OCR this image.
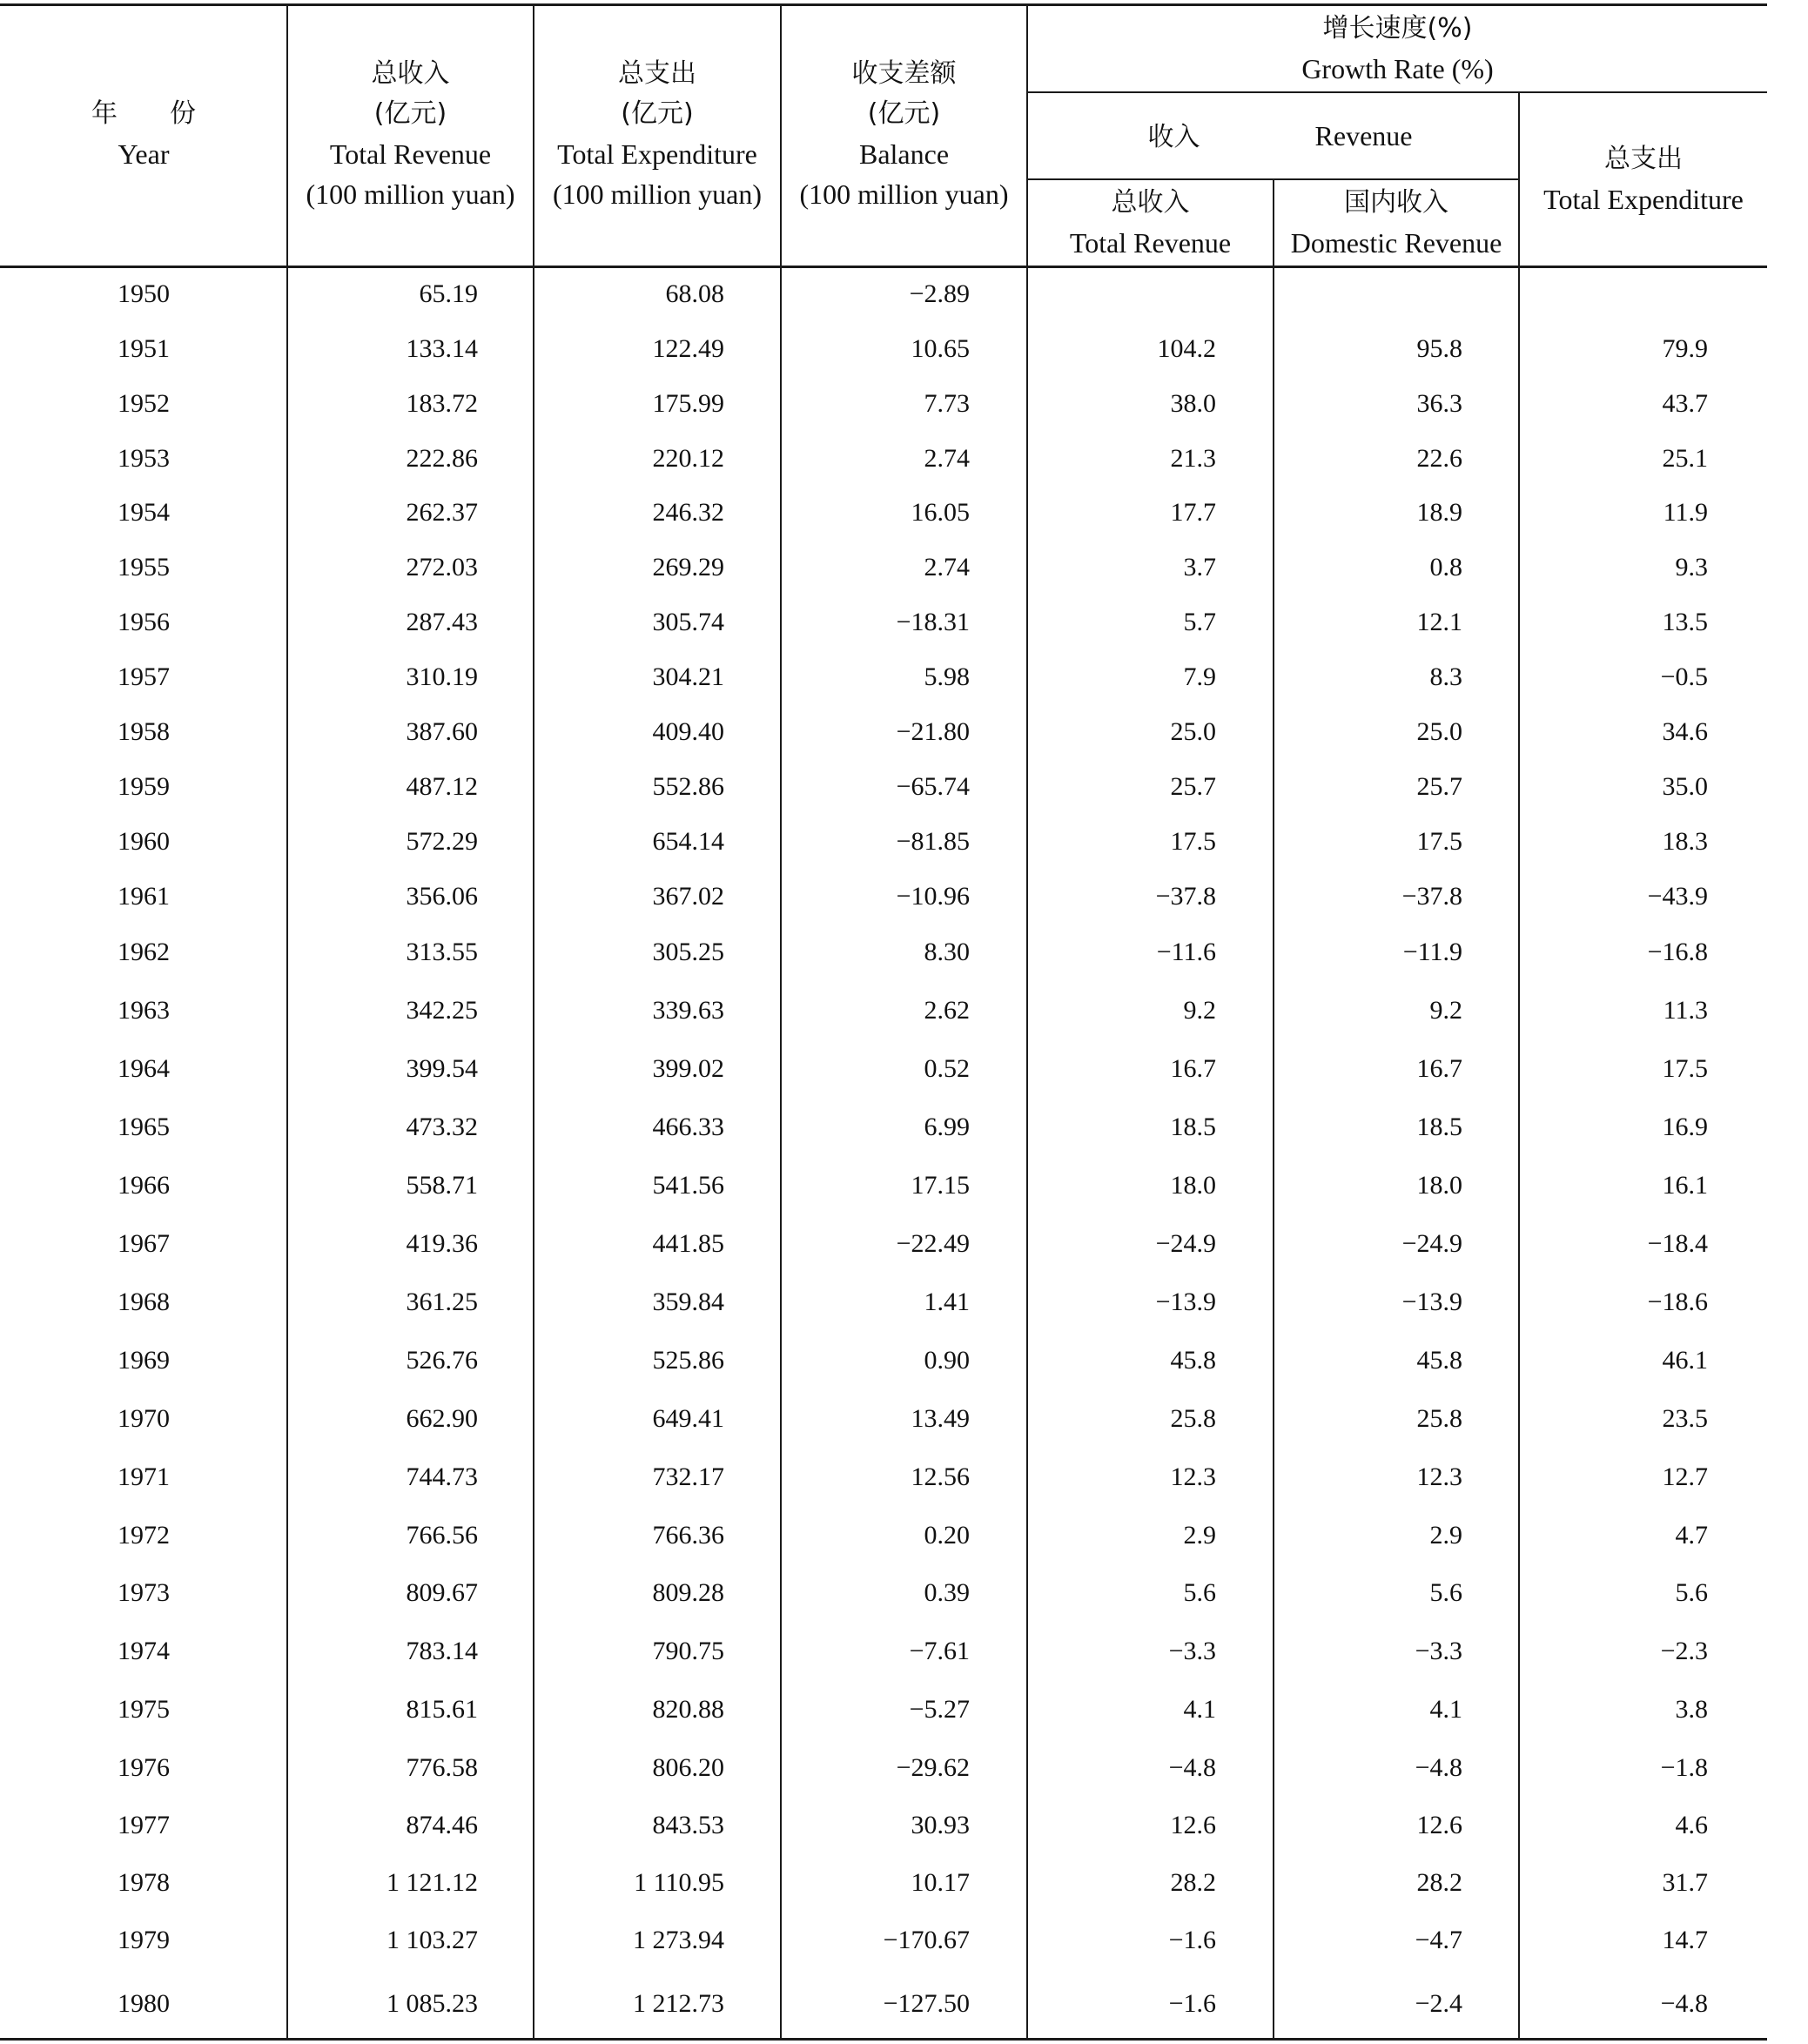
年　　份
Year
总收入
(亿元)
Total Revenue
(100 million yuan)
总支出
(亿元)
Total Expenditure
(100 million yuan)
收支差额
(亿元)
Balance
(100 million yuan)
增长速度(%)
Growth Rate (%)
收入	Revenue
总收入
Total Revenue
国内收入
Domestic Revenue
总支出
Total Expenditure
1950	65.19	68.08	−2.89
1951	133.14	122.49	10.65	104.2	95.8	79.9
1952	183.72	175.99	7.73	38.0	36.3	43.7
1953	222.86	220.12	2.74	21.3	22.6	25.1
1954	262.37	246.32	16.05	17.7	18.9	11.9
1955	272.03	269.29	2.74	3.7	0.8	9.3
1956	287.43	305.74	−18.31	5.7	12.1	13.5
1957	310.19	304.21	5.98	7.9	8.3	−0.5
1958	387.60	409.40	−21.80	25.0	25.0	34.6
1959	487.12	552.86	−65.74	25.7	25.7	35.0
1960	572.29	654.14	−81.85	17.5	17.5	18.3
1961	356.06	367.02	−10.96	−37.8	−37.8	−43.9
1962	313.55	305.25	8.30	−11.6	−11.9	−16.8
1963	342.25	339.63	2.62	9.2	9.2	11.3
1964	399.54	399.02	0.52	16.7	16.7	17.5
1965	473.32	466.33	6.99	18.5	18.5	16.9
1966	558.71	541.56	17.15	18.0	18.0	16.1
1967	419.36	441.85	−22.49	−24.9	−24.9	−18.4
1968	361.25	359.84	1.41	−13.9	−13.9	−18.6
1969	526.76	525.86	0.90	45.8	45.8	46.1
1970	662.90	649.41	13.49	25.8	25.8	23.5
1971	744.73	732.17	12.56	12.3	12.3	12.7
1972	766.56	766.36	0.20	2.9	2.9	4.7
1973	809.67	809.28	0.39	5.6	5.6	5.6
1974	783.14	790.75	−7.61	−3.3	−3.3	−2.3
1975	815.61	820.88	−5.27	4.1	4.1	3.8
1976	776.58	806.20	−29.62	−4.8	−4.8	−1.8
1977	874.46	843.53	30.93	12.6	12.6	4.6
1978	1 121.12	1 110.95	10.17	28.2	28.2	31.7
1979	1 103.27	1 273.94	−170.67	−1.6	−4.7	14.7
1980	1 085.23	1 212.73	−127.50	−1.6	−2.4	−4.8
